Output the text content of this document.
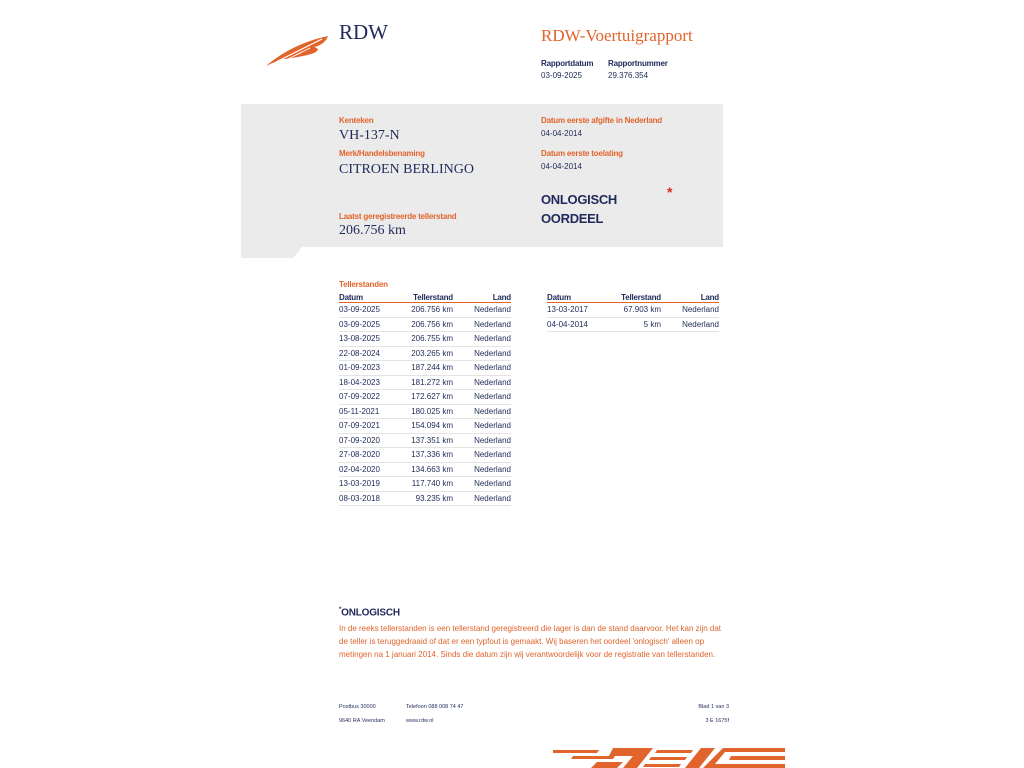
RDW	RDW-Voertuigrapport
Rapportdatum
03-09-2025
Rapportnummer
29.376.354
Kenteken
VH-137-N
Merk/Handelsbenaming
CITROEN BERLINGO
Laatst geregistreerde tellerstand
206.756 km
Datum eerste afgifte in Nederland
04-04-2014
Datum eerste toelating
04-04-2014
ONLOGISCH
OORDEEL
*
Tellerstanden
Datum	Tellerstand	Land
03-09-2025	206.756 km	Nederland
03-09-2025	206.756 km	Nederland
13-08-2025	206.755 km	Nederland
22-08-2024	203.265 km	Nederland
01-09-2023	187.244 km	Nederland
18-04-2023	181.272 km	Nederland
07-09-2022	172.627 km	Nederland
05-11-2021	180.025 km	Nederland
07-09-2021	154.094 km	Nederland
07-09-2020	137.351 km	Nederland
27-08-2020	137.336 km	Nederland
02-04-2020	134.663 km	Nederland
13-03-2019	117.740 km	Nederland
08-03-2018	93.235 km	Nederland
Datum	Tellerstand	Land
13-03-2017	67.903 km	Nederland
04-04-2014	5 km	Nederland
*ONLOGISCH
In de reeks tellerstanden is een tellerstand geregistreerd die lager is dan de stand daarvoor. Het kan zijn dat de teller is teruggedraaid of dat er een typfout is gemaakt. Wij baseren het oordeel 'onlogisch' alleen op metingen na 1 januari 2014. Sinds die datum zijn wij verantwoordelijk voor de registratie van tellerstanden.
Postbus 30000
9640 RA Veendam
Telefoon 088 008 74 47
www.rdw.nl
Blad 1 van 3
3 E 1675f
